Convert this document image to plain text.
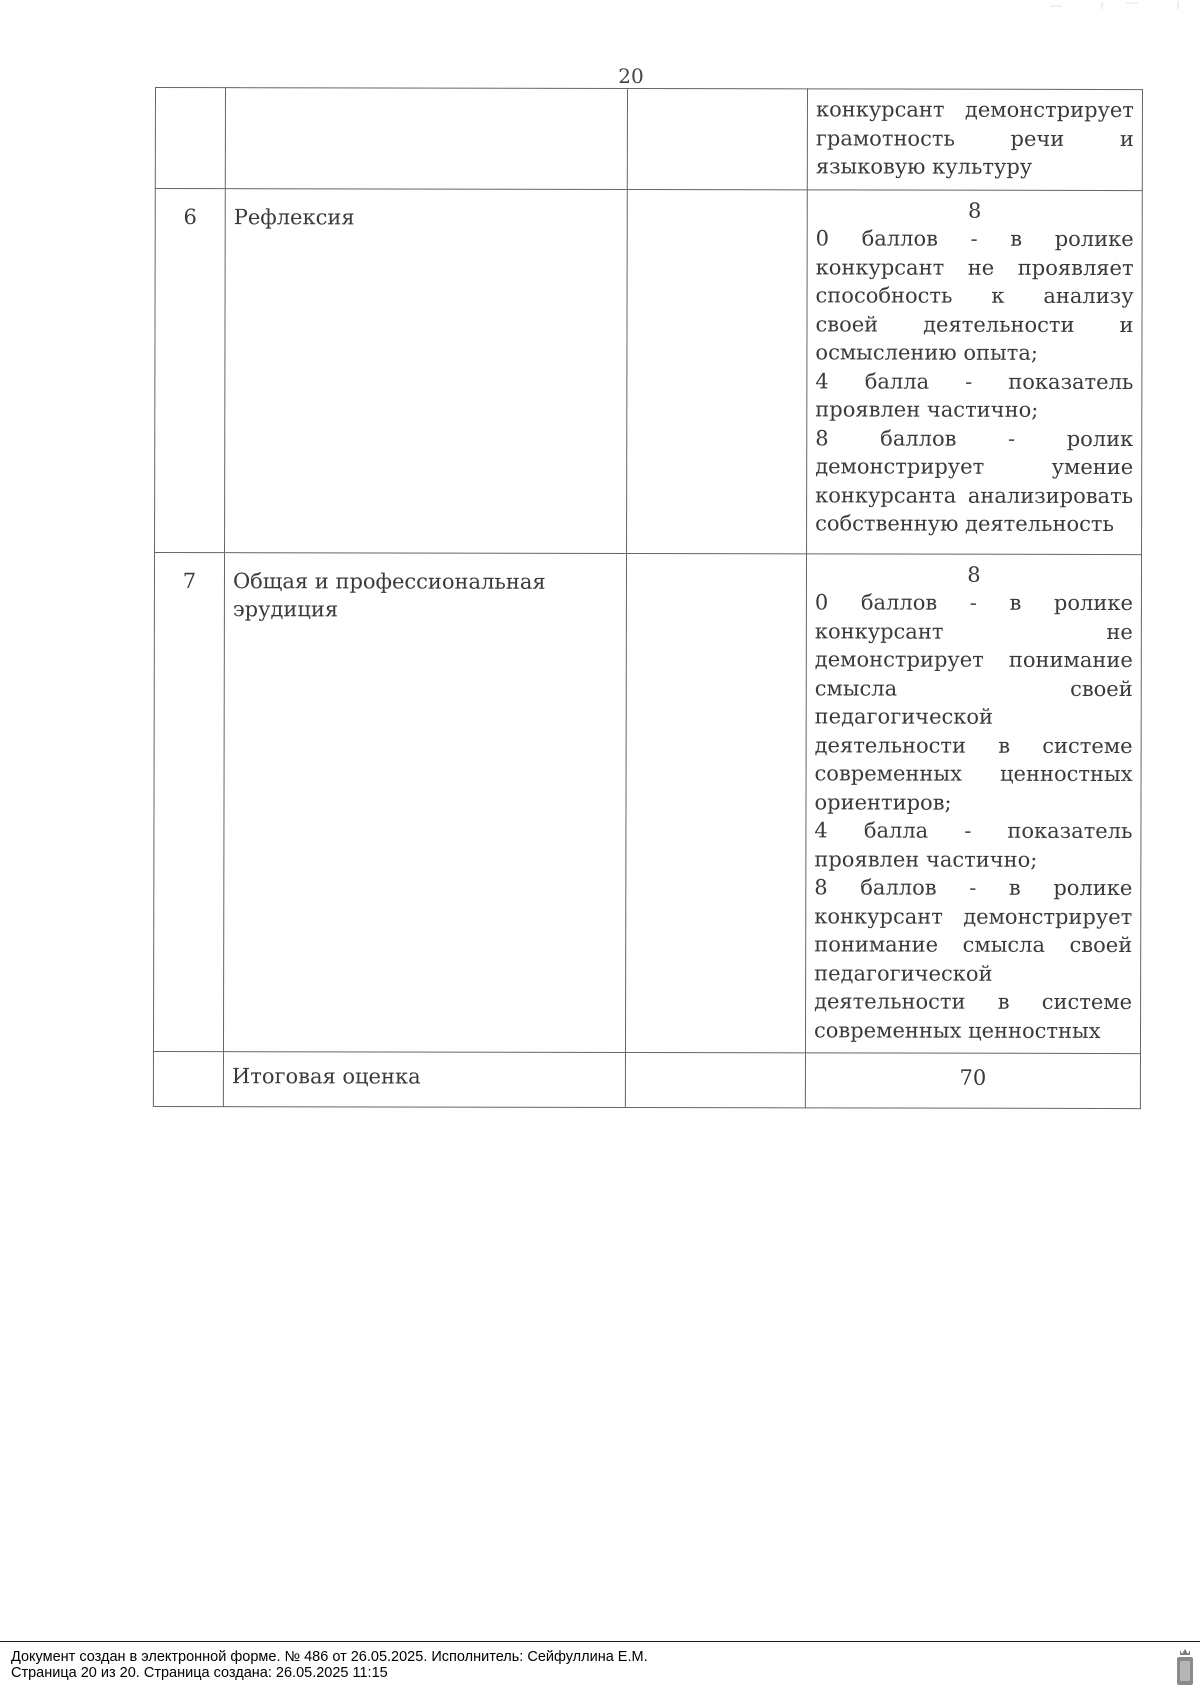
20

			конкурсант демонстрирует грамотность речи и языковую культуру

6	Рефлексия		8
0 баллов - в ролике конкурсант не проявляет способность к анализу своей деятельности и осмыслению опыта;
4 балла - показатель проявлен частично;
8 баллов - ролик демонстрирует умение конкурсанта анализировать собственную деятельность

7	Общая и профессиональная эрудиция		8
0 баллов - в ролике конкурсант не демонстрирует понимание смысла своей педагогической деятельности в системе современных ценностных ориентиров;
4 балла - показатель проявлен частично;
8 баллов - в ролике конкурсант демонстрирует понимание смысла своей педагогической деятельности в системе современных ценностных

	Итоговая оценка		70
Документ создан в электронной форме. № 486 от 26.05.2025. Исполнитель: Сейфуллина Е.М.
Страница 20 из 20. Страница создана: 26.05.2025 11:15
